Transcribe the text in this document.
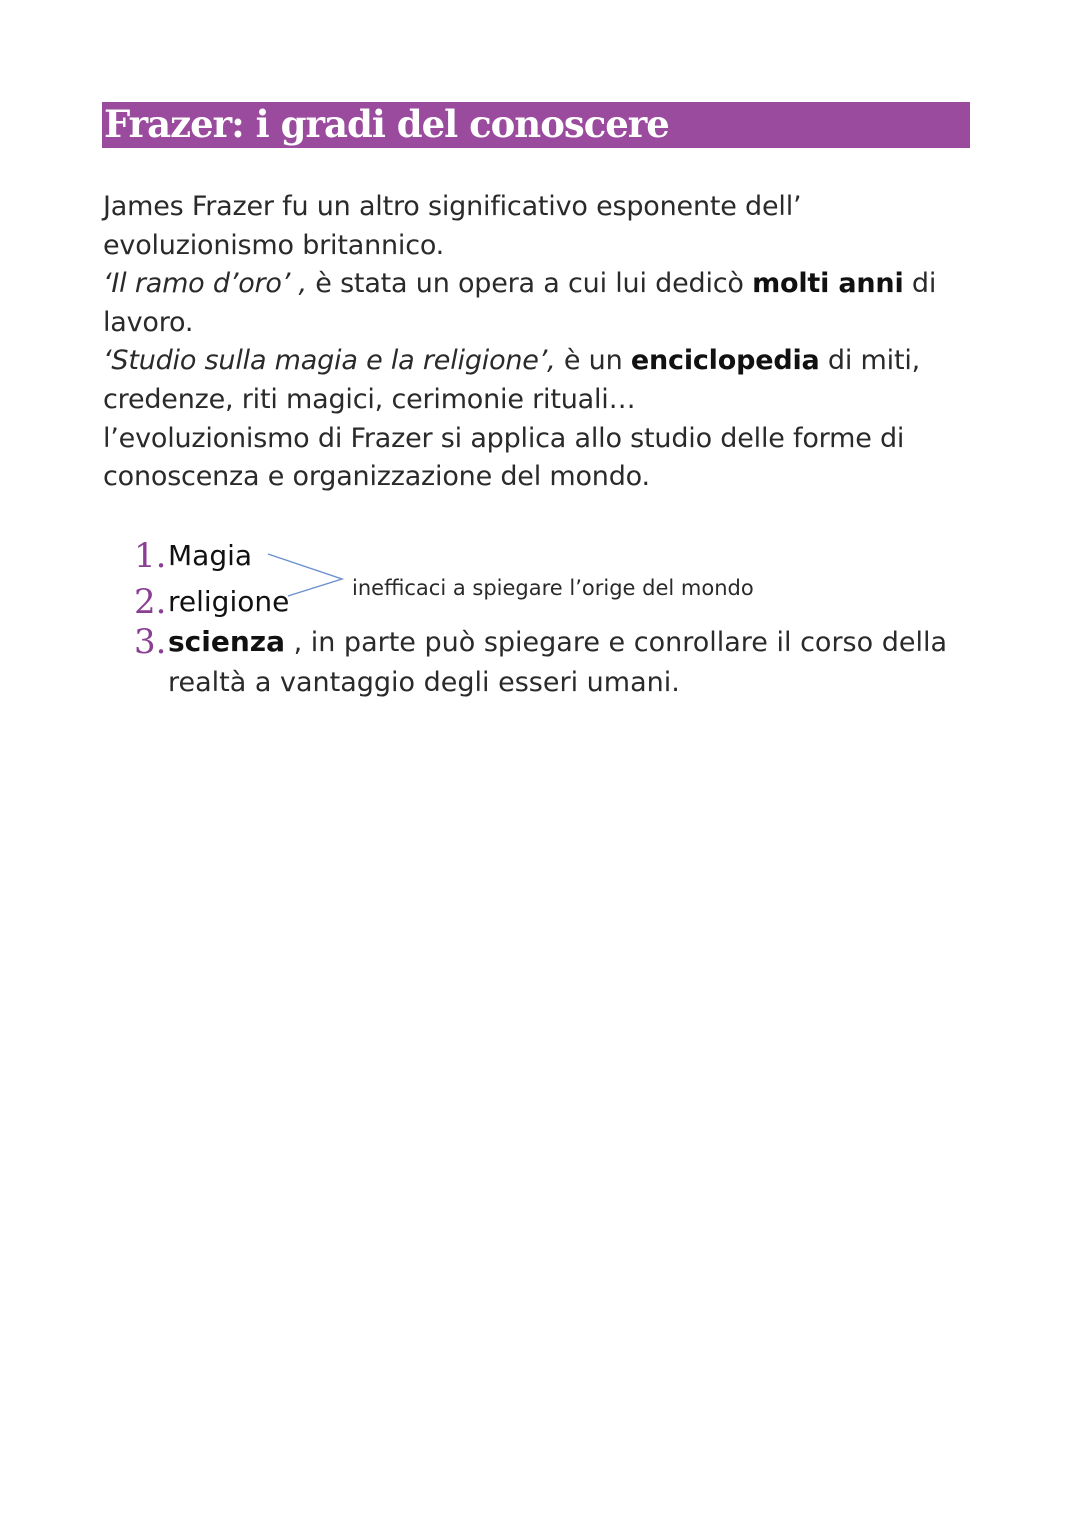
Frazer: i gradi del conoscere
James Frazer fu un altro significativo esponente dell’
evoluzionismo britannico.
‘Il ramo d’oro’ , è stata un opera a cui lui dedicò molti anni di
lavoro.
‘Studio sulla magia e la religione’, è un enciclopedia di miti,
credenze, riti magici, cerimonie rituali…
l’evoluzionismo di Frazer si applica allo studio delle forme di
conoscenza e organizzazione del mondo.
1. Magia
2. religione
3. scienza , in parte può spiegare e conrollare il corso della
realtà a vantaggio degli esseri umani.
inefficaci a spiegare l’orige del mondo
